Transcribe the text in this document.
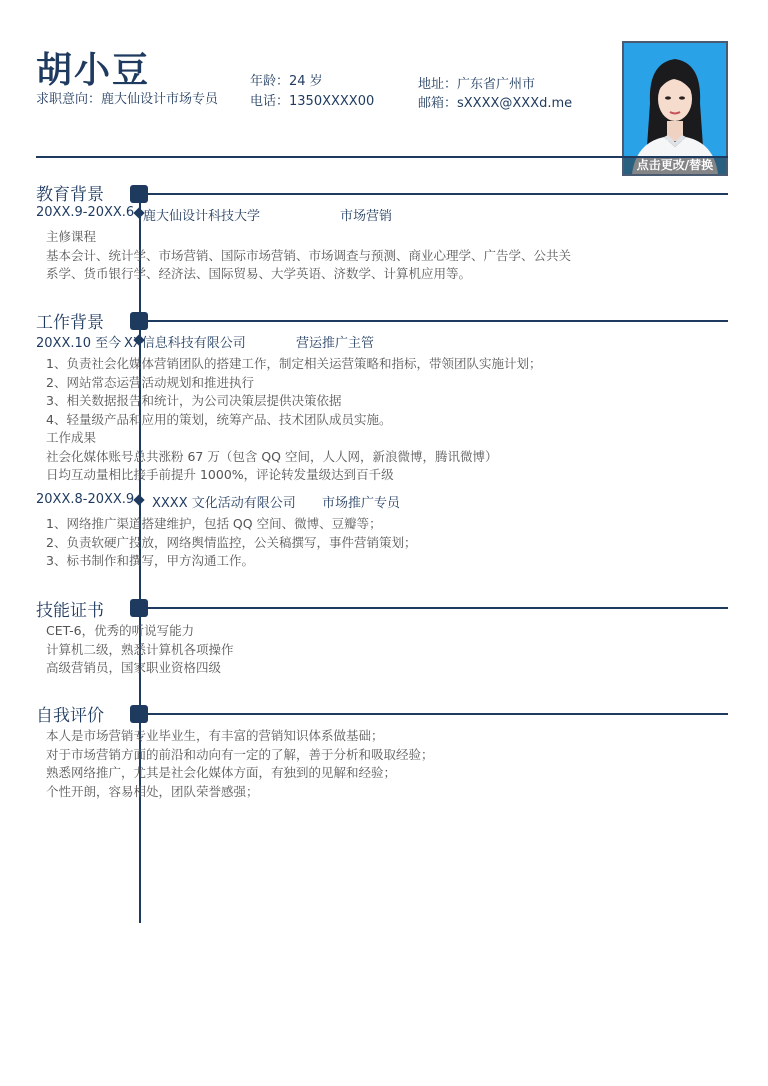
胡小豆
求职意向：鹿大仙设计市场专员
年龄：24 岁
电话：1350XXXX00
地址：广东省广州市
邮箱：sXXXX@XXXd.me
点击更改/替换
教育背景
20XX.9-20XX.6 鹿大仙设计科技大学	市场营销
主修课程
基本会计、统计学、市场营销、国际市场营销、市场调查与预测、商业心理学、广告学、公共关
系学、货币银行学、经济法、国际贸易、大学英语、济数学、计算机应用等。
工作背景
20XX.10 至今 XX信息科技有限公司	营运推广主管
1、负责社会化媒体营销团队的搭建工作，制定相关运营策略和指标，带领团队实施计划；
2、网站常态运营活动规划和推进执行
3、相关数据报告和统计，为公司决策层提供决策依据
4、轻量级产品和应用的策划，统筹产品、技术团队成员实施。
工作成果
社会化媒体账号总共涨粉 67 万（包含 QQ 空间，人人网，新浪微博，腾讯微博）
日均互动量相比接手前提升 1000%，评论转发量级达到百千级
20XX.8-20XX.9 XXXX 文化活动有限公司 市场推广专员
1、网络推广渠道搭建维护，包括 QQ 空间、微博、豆瓣等；
2、负责软硬广投放，网络舆情监控，公关稿撰写，事件营销策划；
3、标书制作和撰写，甲方沟通工作。
技能证书
CET-6，优秀的听说写能力
计算机二级，熟悉计算机各项操作
高级营销员，国家职业资格四级
自我评价
本人是市场营销专业毕业生，有丰富的营销知识体系做基础；
对于市场营销方面的前沿和动向有一定的了解，善于分析和吸取经验；
熟悉网络推广，尤其是社会化媒体方面，有独到的见解和经验；
个性开朗，容易相处，团队荣誉感强；
